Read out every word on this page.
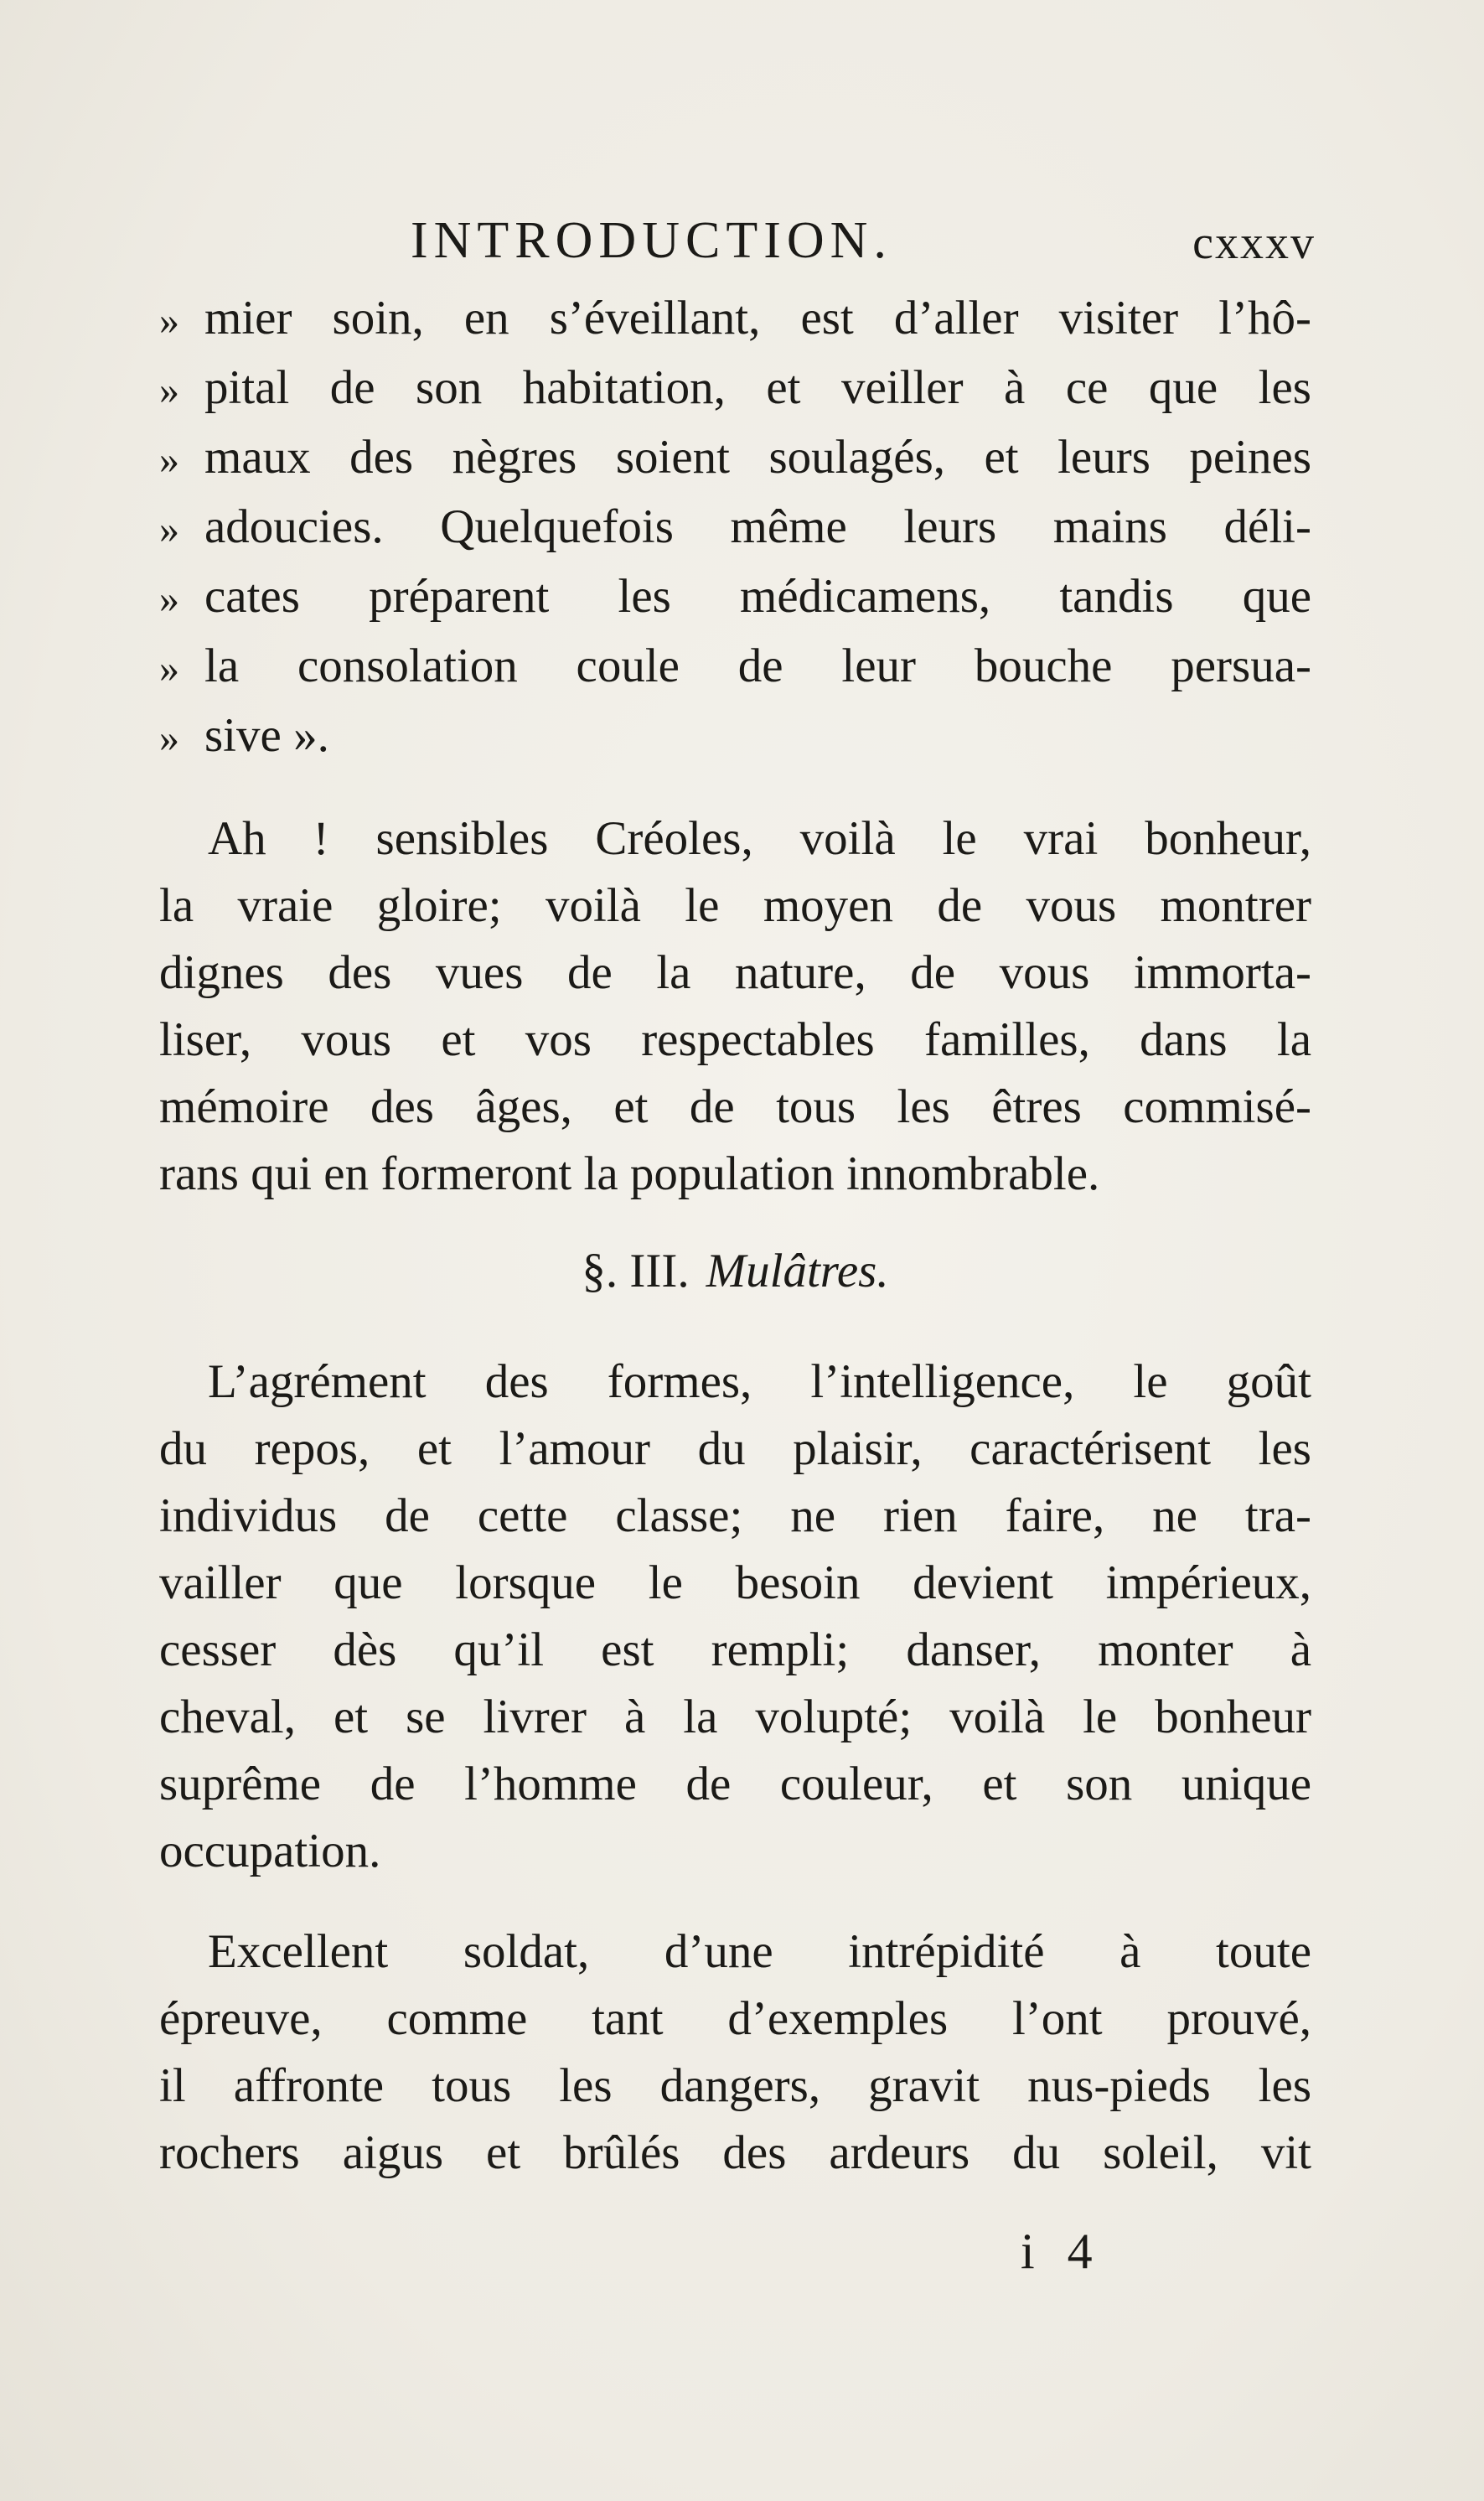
INTRODUCTION.	cxxxv
» mier soin, en s’éveillant, est d’aller visiter l’hô-
» pital de son habitation, et veiller à ce que les
» maux des nègres soient soulagés, et leurs peines
» adoucies. Quelquefois même leurs mains déli-
» cates préparent les médicamens, tandis que
» la consolation coule de leur bouche persua-
» sive ».
Ah ! sensibles Créoles, voilà le vrai bonheur,
la vraie gloire; voilà le moyen de vous montrer
dignes des vues de la nature, de vous immorta-
liser, vous et vos respectables familles, dans la
mémoire des âges, et de tous les êtres commisé-
rans qui en formeront la population innombrable.
§. III. Mulâtres.
L’agrément des formes, l’intelligence, le goût
du repos, et l’amour du plaisir, caractérisent les
individus de cette classe; ne rien faire, ne tra-
vailler que lorsque le besoin devient impérieux,
cesser dès qu’il est rempli; danser, monter à
cheval, et se livrer à la volupté; voilà le bonheur
suprême de l’homme de couleur, et son unique
occupation.
Excellent soldat, d’une intrépidité à toute
épreuve, comme tant d’exemples l’ont prouvé,
il affronte tous les dangers, gravit nus-pieds les
rochers aigus et brûlés des ardeurs du soleil, vit
i 4
